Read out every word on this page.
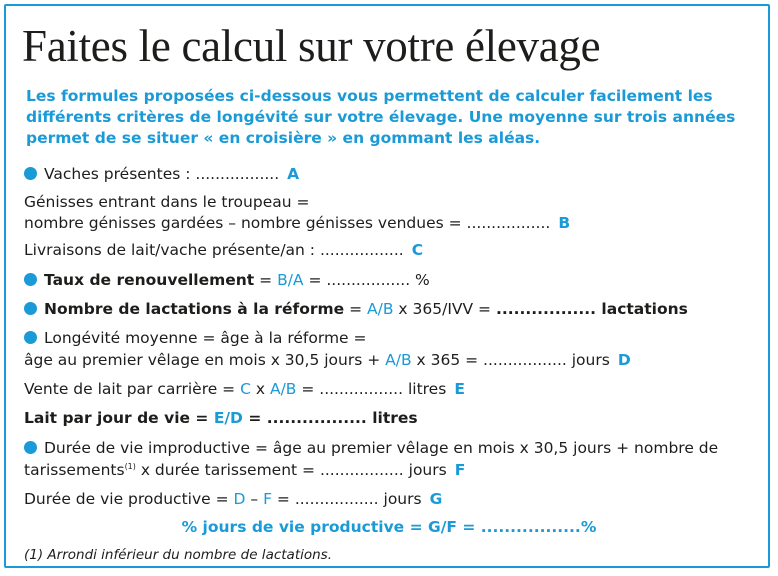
Faites le calcul sur votre élevage
Les formules proposées ci-dessous vous permettent de calculer facilement les différents critères de longévité sur votre élevage. Une moyenne sur trois années permet de se situer « en croisière » en gommant les aléas.
Vaches présentes : ................. A
Génisses entrant dans le troupeau =
nombre génisses gardées – nombre génisses vendues = ................. B
Livraisons de lait/vache présente/an : ................. C
Taux de renouvellement = B/A = ................. %
Nombre de lactations à la réforme = A/B x 365/IVV = ................. lactations
Longévité moyenne = âge à la réforme =
âge au premier vêlage en mois x 30,5 jours + A/B x 365 = ................. jours D
Vente de lait par carrière = C x A/B = ................. litres E
Lait par jour de vie = E/D = ................. litres
Durée de vie improductive = âge au premier vêlage en mois x 30,5 jours + nombre de
tarissements$^{(1)}$ x durée tarissement = ................. jours F
Durée de vie productive = D – F = ................. jours G
% jours de vie productive = G/F = .................%
(1) Arrondi inférieur du nombre de lactations.
